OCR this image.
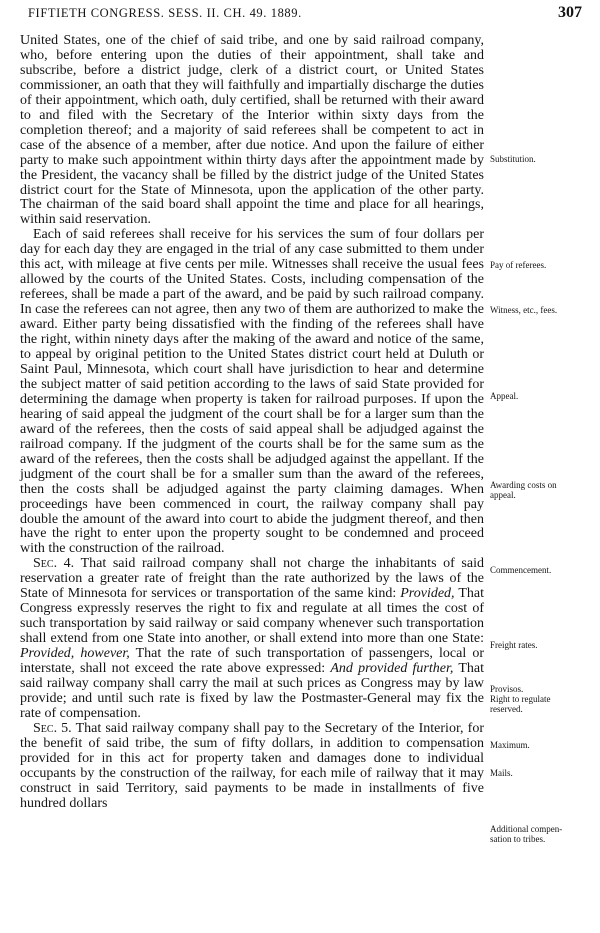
FIFTIETH CONGRESS. SESS. II. CH. 49. 1889.	307

United States, one of the chief of said tribe, and one by said railroad company, who, before entering upon the duties of their appointment, shall take and subscribe, before a district judge, clerk of a district court, or United States commissioner, an oath that they will faithfully and impartially discharge the duties of their appointment, which oath, duly certified, shall be returned with their award to and filed with the Secretary of the Interior within sixty days from the completion thereof; and a majority of said referees shall be competent to act in case of the absence of a member, after due notice. And upon the failure of either party to make such appointment within thirty days after the appointment made by the President, the vacancy shall be filled by the district judge of the United States district court for the State of Minnesota, upon the application of the other party. The chairman of the said board shall appoint the time and place for all hearings, within said reservation.

Each of said referees shall receive for his services the sum of four dollars per day for each day they are engaged in the trial of any case submitted to them under this act, with mileage at five cents per mile. Witnesses shall receive the usual fees allowed by the courts of the United States. Costs, including compensation of the referees, shall be made a part of the award, and be paid by such railroad company. In case the referees can not agree, then any two of them are authorized to make the award. Either party being dissatisfied with the finding of the referees shall have the right, within ninety days after the making of the award and notice of the same, to appeal by original petition to the United States district court held at Duluth or Saint Paul, Minnesota, which court shall have jurisdiction to hear and determine the subject matter of said petition according to the laws of said State provided for determining the damage when property is taken for railroad purposes. If upon the hearing of said appeal the judgment of the court shall be for a larger sum than the award of the referees, then the costs of said appeal shall be adjudged against the railroad company. If the judgment of the courts shall be for the same sum as the award of the referees, then the costs shall be adjudged against the appellant. If the judgment of the court shall be for a smaller sum than the award of the referees, then the costs shall be adjudged against the party claiming damages. When proceedings have been commenced in court, the railway company shall pay double the amount of the award into court to abide the judgment thereof, and then have the right to enter upon the property sought to be condemned and proceed with the construction of the railroad.

Sec. 4. That said railroad company shall not charge the inhabitants of said reservation a greater rate of freight than the rate authorized by the laws of the State of Minnesota for services or transportation of the same kind: Provided, That Congress expressly reserves the right to fix and regulate at all times the cost of such transportation by said railway or said company whenever such transportation shall extend from one State into another, or shall extend into more than one State: Provided, however, That the rate of such transportation of passengers, local or interstate, shall not exceed the rate above expressed: And provided further, That said railway company shall carry the mail at such prices as Congress may by law provide; and until such rate is fixed by law the Postmaster-General may fix the rate of compensation.

Sec. 5. That said railway company shall pay to the Secretary of the Interior, for the benefit of said tribe, the sum of fifty dollars, in addition to compensation provided for in this act for property taken and damages done to individual occupants by the construction of the railway, for each mile of railway that it may construct in said Territory, said payments to be made in installments of five hundred dollars

Substitution.
Pay of referees.
Witness, etc., fees.
Appeal.
Awarding costs on
appeal.
Commencement.
Freight rates.
Provisos.
Right to regulate
reserved.
Maximum.
Mails.
Additional compen-
sation to tribes.
